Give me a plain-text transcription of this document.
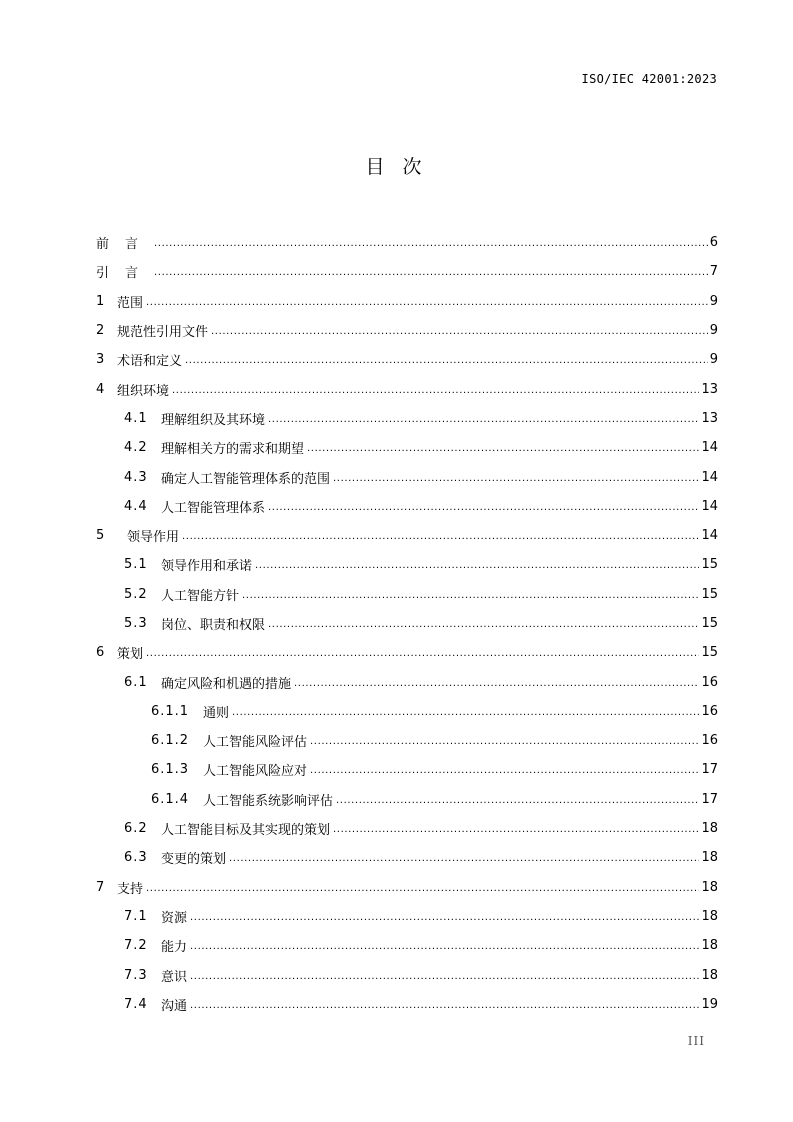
ISO/IEC 42001:2023
目 次
前言 .....	6
引言 .....	7
1 范围 .....	9
2 规范性引用文件 .....	9
3 术语和定义 .....	9
4 组织环境 .....	13
4.1	理解组织及其环境 .....	13
4.2	理解相关方的需求和期望 .....	14
4.3	确定人工智能管理体系的范围 .....	14
4.4	人工智能管理体系 .....	14
5	领导作用 .....	14
5.1	领导作用和承诺 .....	15
5.2	人工智能方针 .....	15
5.3	岗位、职责和权限 .....	15
6 策划 .....	15
6.1	确定风险和机遇的措施 .....	16
6.1.1	通则 .....	16
6.1.2	人工智能风险评估 .....	16
6.1.3	人工智能风险应对 .....	17
6.1.4	人工智能系统影响评估 .....	17
6.2	人工智能目标及其实现的策划 .....	18
6.3	变更的策划 .....	18
7 支持 .....	18
7.1	资源 .....	18
7.2	能力 .....	18
7.3	意识 .....	18
7.4	沟通 .....	19
III
